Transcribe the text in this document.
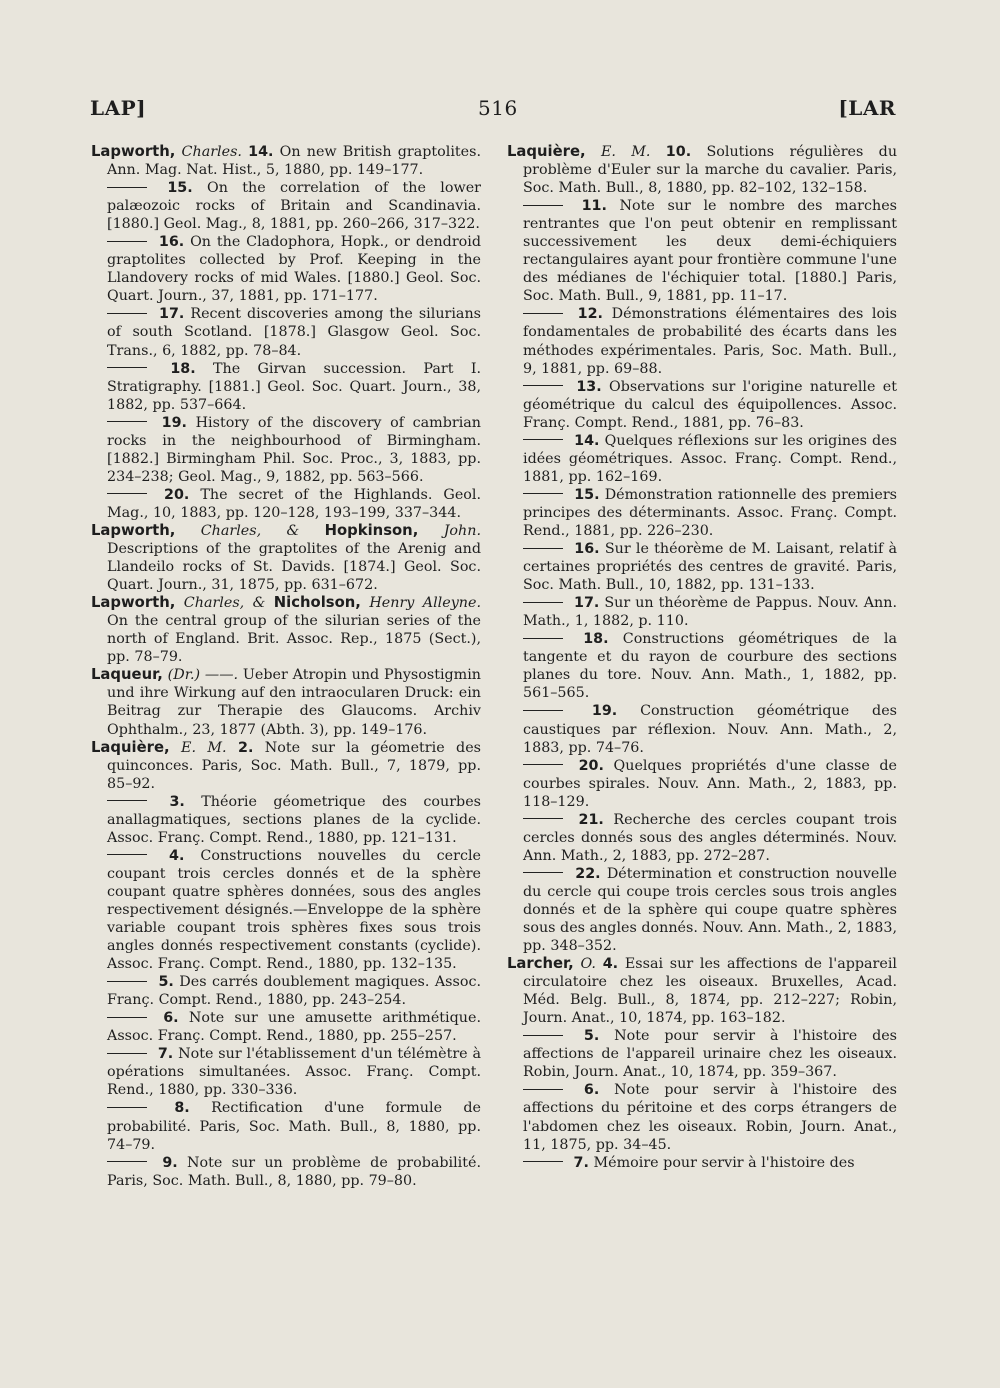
LAP]	516	[LAR
Lapworth, Charles. 14. On new British graptolites. Ann. Mag. Nat. Hist., 5, 1880, pp. 149–177.
15. On the correlation of the lower palæozoic rocks of Britain and Scandinavia. [1880.] Geol. Mag., 8, 1881, pp. 260–266, 317–322.
16. On the Cladophora, Hopk., or dendroid graptolites collected by Prof. Keeping in the Llandovery rocks of mid Wales. [1880.] Geol. Soc. Quart. Journ., 37, 1881, pp. 171–177.
17. Recent discoveries among the silurians of south Scotland. [1878.] Glasgow Geol. Soc. Trans., 6, 1882, pp. 78–84.
18. The Girvan succession. Part I. Stratigraphy. [1881.] Geol. Soc. Quart. Journ., 38, 1882, pp. 537–664.
19. History of the discovery of cambrian rocks in the neighbourhood of Birmingham. [1882.] Birmingham Phil. Soc. Proc., 3, 1883, pp. 234–238; Geol. Mag., 9, 1882, pp. 563–566.
20. The secret of the Highlands. Geol. Mag., 10, 1883, pp. 120–128, 193–199, 337–344.
Lapworth, Charles, & Hopkinson, John. Descriptions of the graptolites of the Arenig and Llandeilo rocks of St. Davids. [1874.] Geol. Soc. Quart. Journ., 31, 1875, pp. 631–672.
Lapworth, Charles, & Nicholson, Henry Alleyne. On the central group of the silurian series of the north of England. Brit. Assoc. Rep., 1875 (Sect.), pp. 78–79.
Laqueur, (Dr.) ——. Ueber Atropin und Physostigmin und ihre Wirkung auf den intraocularen Druck: ein Beitrag zur Therapie des Glaucoms. Archiv Ophthalm., 23, 1877 (Abth. 3), pp. 149–176.
Laquière, E. M. 2. Note sur la géometrie des quinconces. Paris, Soc. Math. Bull., 7, 1879, pp. 85–92.
3. Théorie géometrique des courbes anallagmatiques, sections planes de la cyclide. Assoc. Franç. Compt. Rend., 1880, pp. 121–131.
4. Constructions nouvelles du cercle coupant trois cercles donnés et de la sphère coupant quatre sphères données, sous des angles respectivement désignés.—Enveloppe de la sphère variable coupant trois sphères fixes sous trois angles donnés respectivement constants (cyclide). Assoc. Franç. Compt. Rend., 1880, pp. 132–135.
5. Des carrés doublement magiques. Assoc. Franç. Compt. Rend., 1880, pp. 243–254.
6. Note sur une amusette arithmétique. Assoc. Franç. Compt. Rend., 1880, pp. 255–257.
7. Note sur l'établissement d'un télémètre à opérations simultanées. Assoc. Franç. Compt. Rend., 1880, pp. 330–336.
8. Rectification d'une formule de probabilité. Paris, Soc. Math. Bull., 8, 1880, pp. 74–79.
9. Note sur un problème de probabilité. Paris, Soc. Math. Bull., 8, 1880, pp. 79–80.
Laquière, E. M. 10. Solutions régulières du problème d'Euler sur la marche du cavalier. Paris, Soc. Math. Bull., 8, 1880, pp. 82–102, 132–158.
11. Note sur le nombre des marches rentrantes que l'on peut obtenir en remplissant successivement les deux demi-échiquiers rectangulaires ayant pour frontière commune l'une des médianes de l'échiquier total. [1880.] Paris, Soc. Math. Bull., 9, 1881, pp. 11–17.
12. Démonstrations élémentaires des lois fondamentales de probabilité des écarts dans les méthodes expérimentales. Paris, Soc. Math. Bull., 9, 1881, pp. 69–88.
13. Observations sur l'origine naturelle et géométrique du calcul des équipollences. Assoc. Franç. Compt. Rend., 1881, pp. 76–83.
14. Quelques réflexions sur les origines des idées géométriques. Assoc. Franç. Compt. Rend., 1881, pp. 162–169.
15. Démonstration rationnelle des premiers principes des déterminants. Assoc. Franç. Compt. Rend., 1881, pp. 226–230.
16. Sur le théorème de M. Laisant, relatif à certaines propriétés des centres de gravité. Paris, Soc. Math. Bull., 10, 1882, pp. 131–133.
17. Sur un théorème de Pappus. Nouv. Ann. Math., 1, 1882, p. 110.
18. Constructions géométriques de la tangente et du rayon de courbure des sections planes du tore. Nouv. Ann. Math., 1, 1882, pp. 561–565.
19. Construction géométrique des caustiques par réflexion. Nouv. Ann. Math., 2, 1883, pp. 74–76.
20. Quelques propriétés d'une classe de courbes spirales. Nouv. Ann. Math., 2, 1883, pp. 118–129.
21. Recherche des cercles coupant trois cercles donnés sous des angles déterminés. Nouv. Ann. Math., 2, 1883, pp. 272–287.
22. Détermination et construction nouvelle du cercle qui coupe trois cercles sous trois angles donnés et de la sphère qui coupe quatre sphères sous des angles donnés. Nouv. Ann. Math., 2, 1883, pp. 348–352.
Larcher, O. 4. Essai sur les affections de l'appareil circulatoire chez les oiseaux. Bruxelles, Acad. Méd. Belg. Bull., 8, 1874, pp. 212–227; Robin, Journ. Anat., 10, 1874, pp. 163–182.
5. Note pour servir à l'histoire des affections de l'appareil urinaire chez les oiseaux. Robin, Journ. Anat., 10, 1874, pp. 359–367.
6. Note pour servir à l'histoire des affections du péritoine et des corps étrangers de l'abdomen chez les oiseaux. Robin, Journ. Anat., 11, 1875, pp. 34–45.
7. Mémoire pour servir à l'histoire des
